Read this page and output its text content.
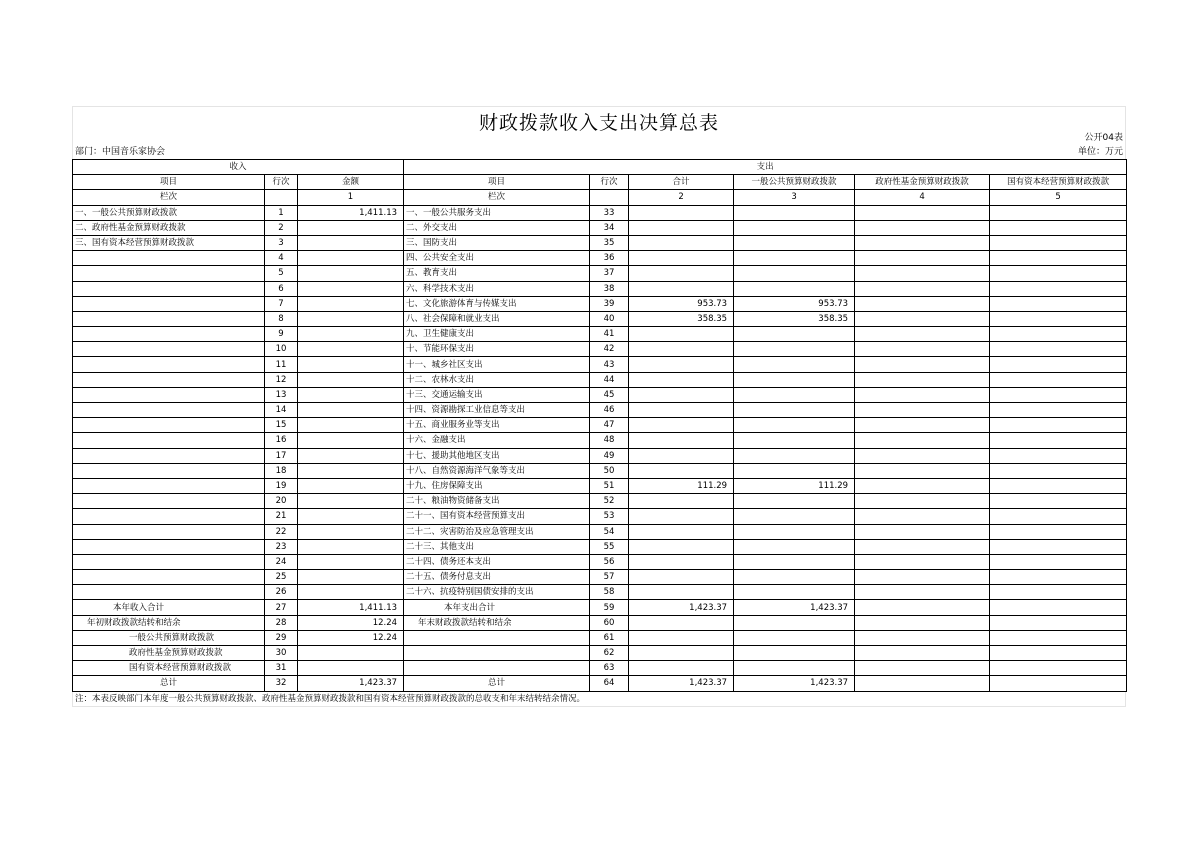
财政拨款收入支出决算总表
公开04表
部门：中国音乐家协会	单位：万元
收入			支出					
项目	行次	金额	项目	行次	合计	一般公共预算财政拨款	政府性基金预算财政拨款	国有资本经营预算财政拨款
栏次		1	栏次		2	3	4	5
一、一般公共预算财政拨款	1	1,411.13	一、一般公共服务支出	33				
二、政府性基金预算财政拨款	2		二、外交支出	34				
三、国有资本经营预算财政拨款	3		三、国防支出	35				
	4		四、公共安全支出	36				
	5		五、教育支出	37				
	6		六、科学技术支出	38				
	7		七、文化旅游体育与传媒支出	39	953.73	953.73		
	8		八、社会保障和就业支出	40	358.35	358.35		
	9		九、卫生健康支出	41				
	10		十、节能环保支出	42				
	11		十一、城乡社区支出	43				
	12		十二、农林水支出	44				
	13		十三、交通运输支出	45				
	14		十四、资源勘探工业信息等支出	46				
	15		十五、商业服务业等支出	47				
	16		十六、金融支出	48				
	17		十七、援助其他地区支出	49				
	18		十八、自然资源海洋气象等支出	50				
	19		十九、住房保障支出	51	111.29	111.29		
	20		二十、粮油物资储备支出	52				
	21		二十一、国有资本经营预算支出	53				
	22		二十二、灾害防治及应急管理支出	54				
	23		二十三、其他支出	55				
	24		二十四、债务还本支出	56				
	25		二十五、债务付息支出	57				
	26		二十六、抗疫特别国债安排的支出	58				
本年收入合计	27	1,411.13	本年支出合计	59	1,423.37	1,423.37		
年初财政拨款结转和结余	28	12.24	年末财政拨款结转和结余	60				
一般公共预算财政拨款	29	12.24		61				
政府性基金预算财政拨款	30			62				
国有资本经营预算财政拨款	31			63				
总计	32	1,423.37	总计	64	1,423.37	1,423.37		
注：本表反映部门本年度一般公共预算财政拨款、政府性基金预算财政拨款和国有资本经营预算财政拨款的总收支和年末结转结余情况。
